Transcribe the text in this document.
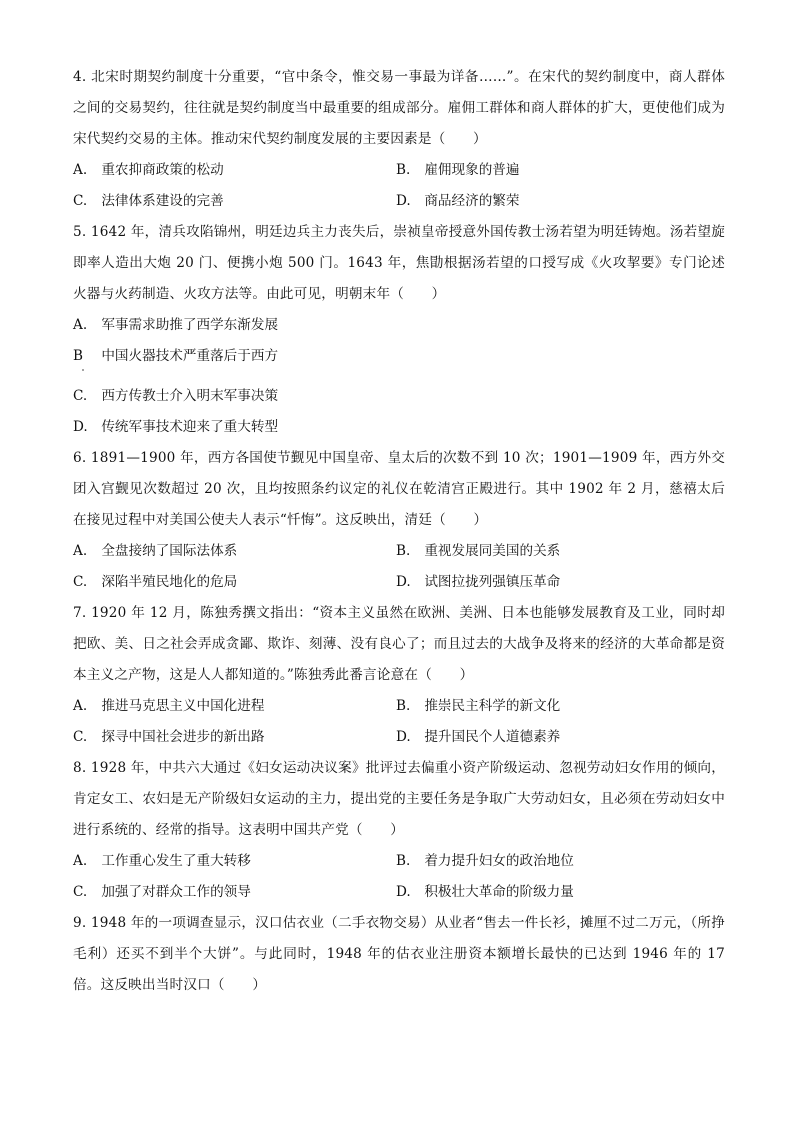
4. 北宋时期契约制度十分重要，“官中条令，惟交易一事最为详备……”。在宋代的契约制度中，商人群体之间的交易契约，往往就是契约制度当中最重要的组成部分。雇佣工群体和商人群体的扩大，更使他们成为宋代契约交易的主体。推动宋代契约制度发展的主要因素是（　　）

A. 重农抑商政策的松动	B. 雇佣现象的普遍
C. 法律体系建设的完善	D. 商品经济的繁荣

5. 1642 年，清兵攻陷锦州，明廷边兵主力丧失后，崇祯皇帝授意外国传教士汤若望为明廷铸炮。汤若望旋即率人造出大炮 20 门、便携小炮 500 门。1643 年，焦勖根据汤若望的口授写成《火攻挈要》专门论述火器与火药制造、火攻方法等。由此可见，明朝末年（　　）

A. 军事需求助推了西学东渐发展
B 中国火器技术严重落后于西方
C. 西方传教士介入明末军事决策
D. 传统军事技术迎来了重大转型

6. 1891—1900 年，西方各国使节觐见中国皇帝、皇太后的次数不到 10 次；1901—1909 年，西方外交团入宫觐见次数超过 20 次，且均按照条约议定的礼仪在乾清宫正殿进行。其中 1902 年 2 月，慈禧太后在接见过程中对美国公使夫人表示“忏悔”。这反映出，清廷（　　）

A. 全盘接纳了国际法体系	B. 重视发展同美国的关系
C. 深陷半殖民地化的危局	D. 试图拉拢列强镇压革命

7. 1920 年 12 月，陈独秀撰文指出：“资本主义虽然在欧洲、美洲、日本也能够发展教育及工业，同时却把欧、美、日之社会弄成贪鄙、欺诈、刻薄、没有良心了；而且过去的大战争及将来的经济的大革命都是资本主义之产物，这是人人都知道的。”陈独秀此番言论意在（　　）

A. 推进马克思主义中国化进程	B. 推崇民主科学的新文化
C. 探寻中国社会进步的新出路	D. 提升国民个人道德素养

8. 1928 年，中共六大通过《妇女运动决议案》批评过去偏重小资产阶级运动、忽视劳动妇女作用的倾向，肯定女工、农妇是无产阶级妇女运动的主力，提出党的主要任务是争取广大劳动妇女，且必须在劳动妇女中进行系统的、经常的指导。这表明中国共产党（　　）

A. 工作重心发生了重大转移	B. 着力提升妇女的政治地位
C. 加强了对群众工作的领导	D. 积极壮大革命的阶级力量

9. 1948 年的一项调查显示，汉口估衣业（二手衣物交易）从业者“售去一件长衫，摊厘不过二万元，（所挣毛利）还买不到半个大饼”。与此同时，1948 年的估衣业注册资本额增长最快的已达到 1946 年的 17 倍。这反映出当时汉口（　　）
